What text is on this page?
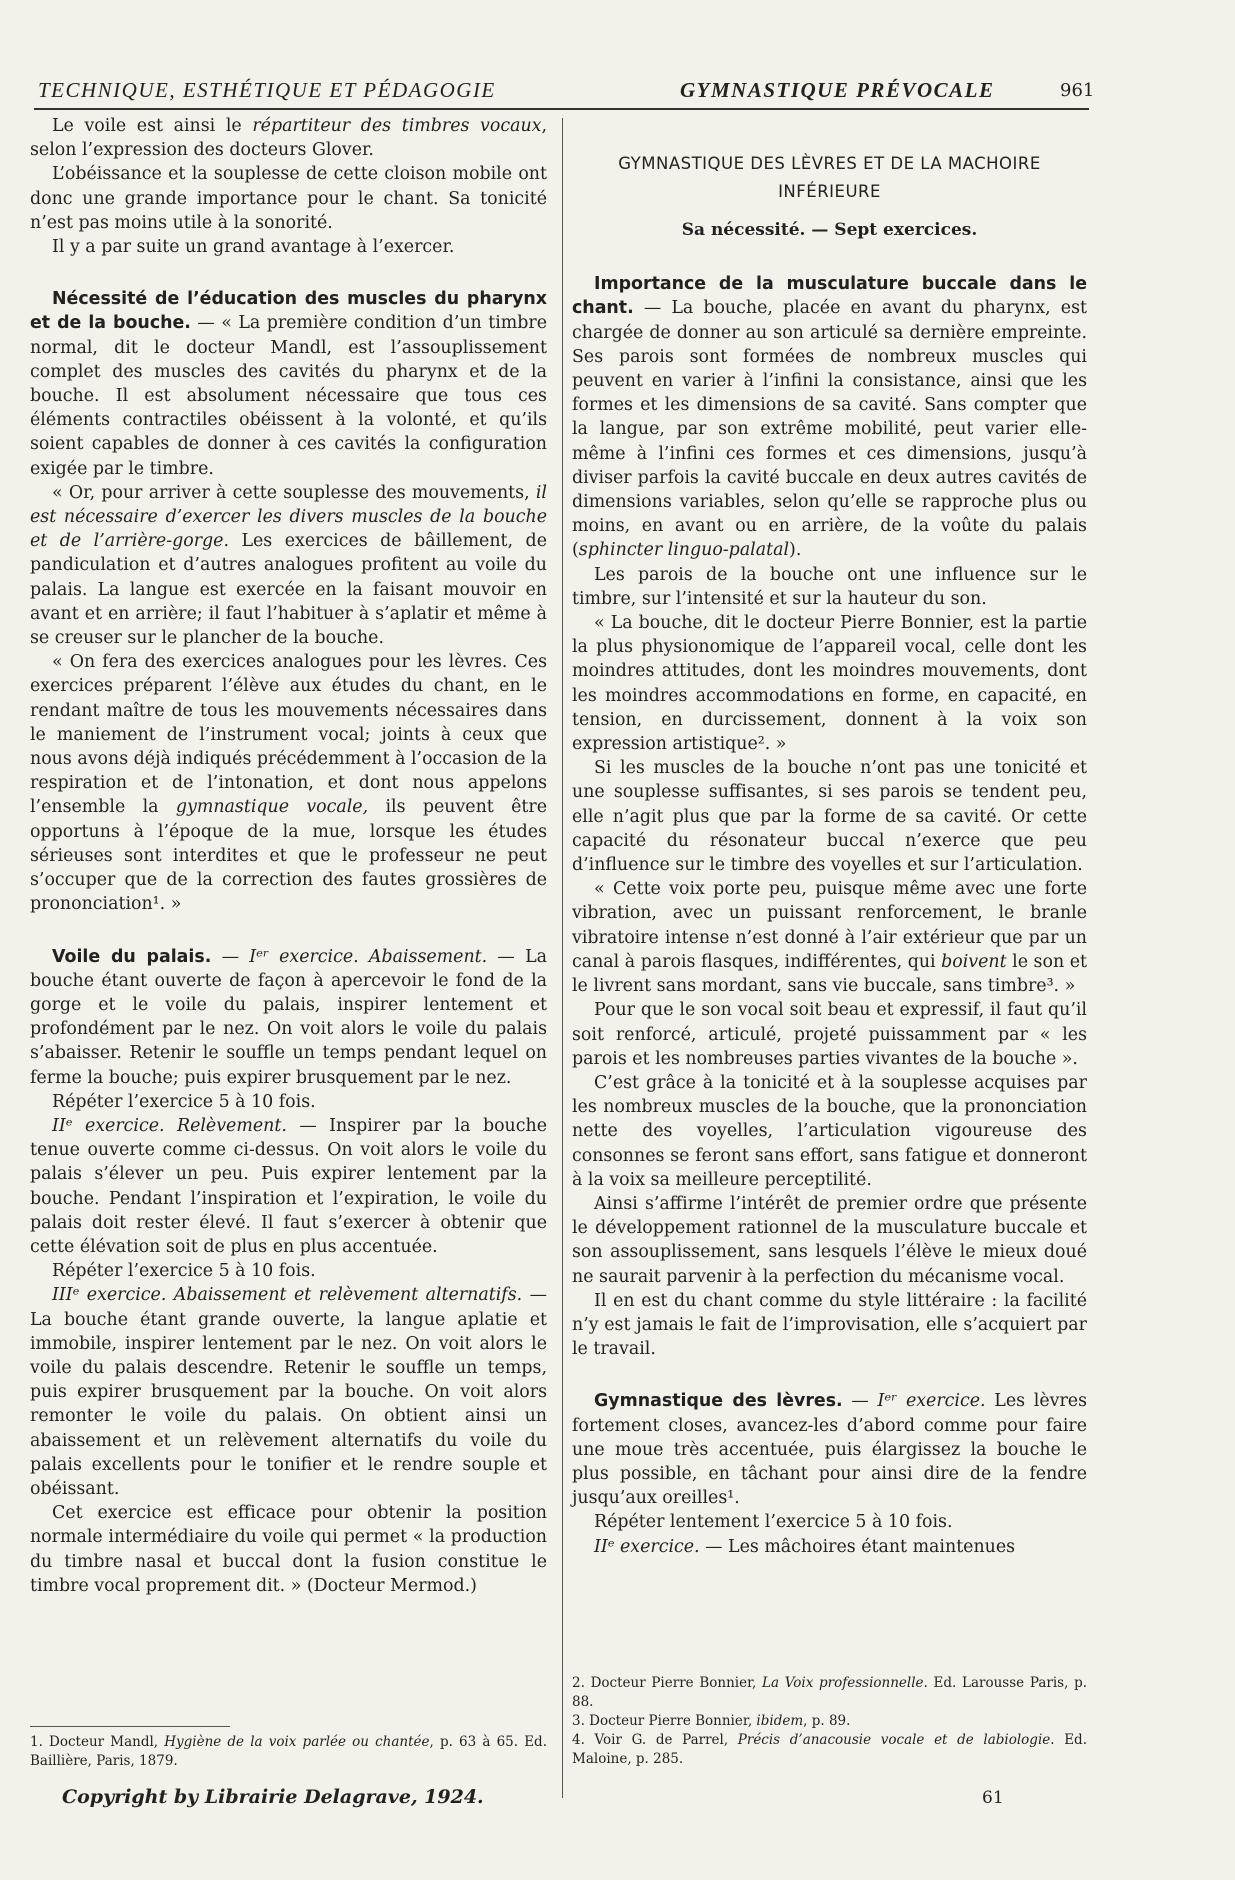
TECHNIQUE, ESTHÉTIQUE ET PÉDAGOGIE	GYMNASTIQUE PRÉVOCALE	961

Le voile est ainsi le répartiteur des timbres vocaux, selon l’expression des docteurs Glover.

L’obéissance et la souplesse de cette cloison mobile ont donc une grande importance pour le chant. Sa tonicité n’est pas moins utile à la sonorité.

Il y a par suite un grand avantage à l’exercer.

Nécessité de l’éducation des muscles du pharynx et de la bouche. — « La première condition d’un timbre normal, dit le docteur Mandl, est l’assouplissement complet des muscles des cavités du pharynx et de la bouche. Il est absolument nécessaire que tous ces éléments contractiles obéissent à la volonté, et qu’ils soient capables de donner à ces cavités la configuration exigée par le timbre.

« Or, pour arriver à cette souplesse des mouvements, il est nécessaire d’exercer les divers muscles de la bouche et de l’arrière-gorge. Les exercices de bâillement, de pandiculation et d’autres analogues profitent au voile du palais. La langue est exercée en la faisant mouvoir en avant et en arrière; il faut l’habituer à s’aplatir et même à se creuser sur le plancher de la bouche.

« On fera des exercices analogues pour les lèvres. Ces exercices préparent l’élève aux études du chant, en le rendant maître de tous les mouvements nécessaires dans le maniement de l’instrument vocal; joints à ceux que nous avons déjà indiqués précédemment à l’occasion de la respiration et de l’intonation, et dont nous appelons l’ensemble la gymnastique vocale, ils peuvent être opportuns à l’époque de la mue, lorsque les études sérieuses sont interdites et que le professeur ne peut s’occuper que de la correction des fautes grossières de prononciation¹. »

Voile du palais. — Iᵉʳ exercice. Abaissement. — La bouche étant ouverte de façon à apercevoir le fond de la gorge et le voile du palais, inspirer lentement et profondément par le nez. On voit alors le voile du palais s’abaisser. Retenir le souffle un temps pendant lequel on ferme la bouche; puis expirer brusquement par le nez.

Répéter l’exercice 5 à 10 fois.

IIᵉ exercice. Relèvement. — Inspirer par la bouche tenue ouverte comme ci-dessus. On voit alors le voile du palais s’élever un peu. Puis expirer lentement par la bouche. Pendant l’inspiration et l’expiration, le voile du palais doit rester élevé. Il faut s’exercer à obtenir que cette élévation soit de plus en plus accentuée.

Répéter l’exercice 5 à 10 fois.

IIIᵉ exercice. Abaissement et relèvement alternatifs. — La bouche étant grande ouverte, la langue aplatie et immobile, inspirer lentement par le nez. On voit alors le voile du palais descendre. Retenir le souffle un temps, puis expirer brusquement par la bouche. On voit alors remonter le voile du palais. On obtient ainsi un abaissement et un relèvement alternatifs du voile du palais excellents pour le tonifier et le rendre souple et obéissant.

Cet exercice est efficace pour obtenir la position normale intermédiaire du voile qui permet « la production du timbre nasal et buccal dont la fusion constitue le timbre vocal proprement dit. » (Docteur Mermod.)

1. Docteur Mandl, Hygiène de la voix parlée ou chantée, p. 63 à 65. Ed. Baillière, Paris, 1879.
GYMNASTIQUE DES LÈVRES ET DE LA MACHOIRE INFÉRIEURE
Sa nécessité. — Sept exercices.

Importance de la musculature buccale dans le chant. — La bouche, placée en avant du pharynx, est chargée de donner au son articulé sa dernière empreinte. Ses parois sont formées de nombreux muscles qui peuvent en varier à l’infini la consistance, ainsi que les formes et les dimensions de sa cavité. Sans compter que la langue, par son extrême mobilité, peut varier elle-même à l’infini ces formes et ces dimensions, jusqu’à diviser parfois la cavité buccale en deux autres cavités de dimensions variables, selon qu’elle se rapproche plus ou moins, en avant ou en arrière, de la voûte du palais (sphincter linguo-palatal).

Les parois de la bouche ont une influence sur le timbre, sur l’intensité et sur la hauteur du son.

« La bouche, dit le docteur Pierre Bonnier, est la partie la plus physionomique de l’appareil vocal, celle dont les moindres attitudes, dont les moindres mouvements, dont les moindres accommodations en forme, en capacité, en tension, en durcissement, donnent à la voix son expression artistique². »

Si les muscles de la bouche n’ont pas une tonicité et une souplesse suffisantes, si ses parois se tendent peu, elle n’agit plus que par la forme de sa cavité. Or cette capacité du résonateur buccal n’exerce que peu d’influence sur le timbre des voyelles et sur l’articulation.

« Cette voix porte peu, puisque même avec une forte vibration, avec un puissant renforcement, le branle vibratoire intense n’est donné à l’air extérieur que par un canal à parois flasques, indifférentes, qui boivent le son et le livrent sans mordant, sans vie buccale, sans timbre³. »

Pour que le son vocal soit beau et expressif, il faut qu’il soit renforcé, articulé, projeté puissamment par « les parois et les nombreuses parties vivantes de la bouche ».

C’est grâce à la tonicité et à la souplesse acquises par les nombreux muscles de la bouche, que la prononciation nette des voyelles, l’articulation vigoureuse des consonnes se feront sans effort, sans fatigue et donneront à la voix sa meilleure perceptilité.

Ainsi s’affirme l’intérêt de premier ordre que présente le développement rationnel de la musculature buccale et son assouplissement, sans lesquels l’élève le mieux doué ne saurait parvenir à la perfection du mécanisme vocal.

Il en est du chant comme du style littéraire : la facilité n’y est jamais le fait de l’improvisation, elle s’acquiert par le travail.

Gymnastique des lèvres. — Iᵉʳ exercice. Les lèvres fortement closes, avancez-les d’abord comme pour faire une moue très accentuée, puis élargissez la bouche le plus possible, en tâchant pour ainsi dire de la fendre jusqu’aux oreilles¹.

Répéter lentement l’exercice 5 à 10 fois.

IIᵉ exercice. — Les mâchoires étant maintenues

2. Docteur Pierre Bonnier, La Voix professionnelle. Ed. Larousse Paris, p. 88.
3. Docteur Pierre Bonnier, ibidem, p. 89.
4. Voir G. de Parrel, Précis d’anacousie vocale et de labiologie. Ed. Maloine, p. 285.
Copyright by Librairie Delagrave, 1924.	61
